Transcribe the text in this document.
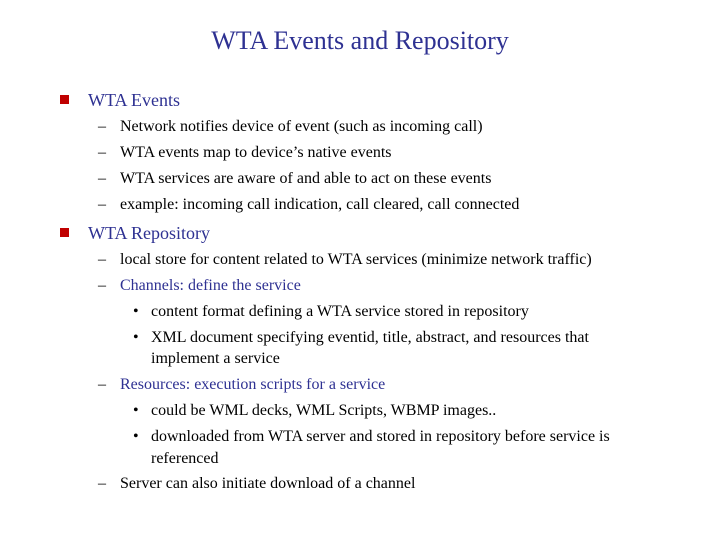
WTA Events and Repository
WTA Events
– Network notifies device of event (such as incoming call)
– WTA events map to device’s native events
– WTA services are aware of and able to act on these events
– example: incoming call indication, call cleared, call connected
WTA Repository
– local store for content related to WTA services (minimize network traffic)
– Channels: define the service
• content format defining a WTA service stored in repository
• XML document specifying eventid, title, abstract, and resources that
implement a service
– Resources: execution scripts for a service
• could be WML decks, WML Scripts, WBMP images..
• downloaded from WTA server and stored in repository before service is
referenced
– Server can also initiate download of a channel
